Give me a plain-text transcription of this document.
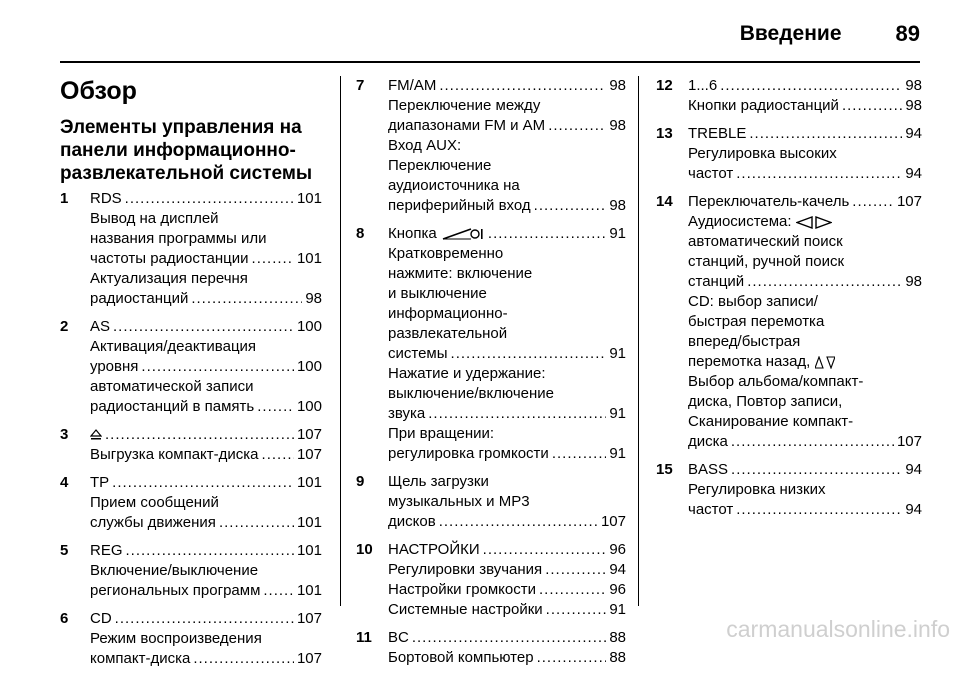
Введение 89
Обзор
Элементы управления на панели информационно-развлекательной системы
1	RDS .....	101
Вывод на дисплей
названия программы или
частоты радиостанции .....	101
Актуализация перечня
радиостанций .....	98
2	AS .....	100
Активация/деактивация
уровня .....	100
автоматической записи
радиостанций в память .....	100
3 .....	107
Выгрузка компакт-диска .....	107
4	TP .....	101
Прием сообщений
службы движения .....	101
5	REG .....	101
Включение/выключение
региональных программ ..... 101
6	CD .....	107
Режим воспроизведения
компакт-диска .....	107
7	FM/AM .....	98
Переключение между
диапазонами FM и AM .....	98
Вход AUX:
Переключение
аудиоисточника на
периферийный вход .....	98
8	Кнопка
.....	91
Кратковременно
нажмите: включение
и выключение
информационно-
развлекательной
системы .....	91
Нажатие и удержание:
выключение/включение
звука .....	91
При вращении:
регулировка громкости .....	91
9	Щель загрузки
музыкальных и MP3
дисков .....	107
10	НАСТРОЙКИ .....	96
Регулировки звучания .....	94
Настройки громкости .....	96
Системные настройки .....	91
11	BC .....	88
Бортовой компьютер .....	88
12	1...6 .....	98
Кнопки радиостанций .....	98
13	TREBLE .....	94
Регулировка высоких
частот .....	94
14	Переключатель-качель .....	107
Аудиосистема:

автоматический поиск
станций, ручной поиск
станций .....	98
CD: выбор записи/
быстрая перемотка
вперед/быстрая
перемотка назад,

Выбор альбома/компакт-
диска, Повтор записи,
Сканирование компакт-
диска .....	107
15	BASS .....	94
Регулировка низких
частот .....	94
carmanualsonline.info
